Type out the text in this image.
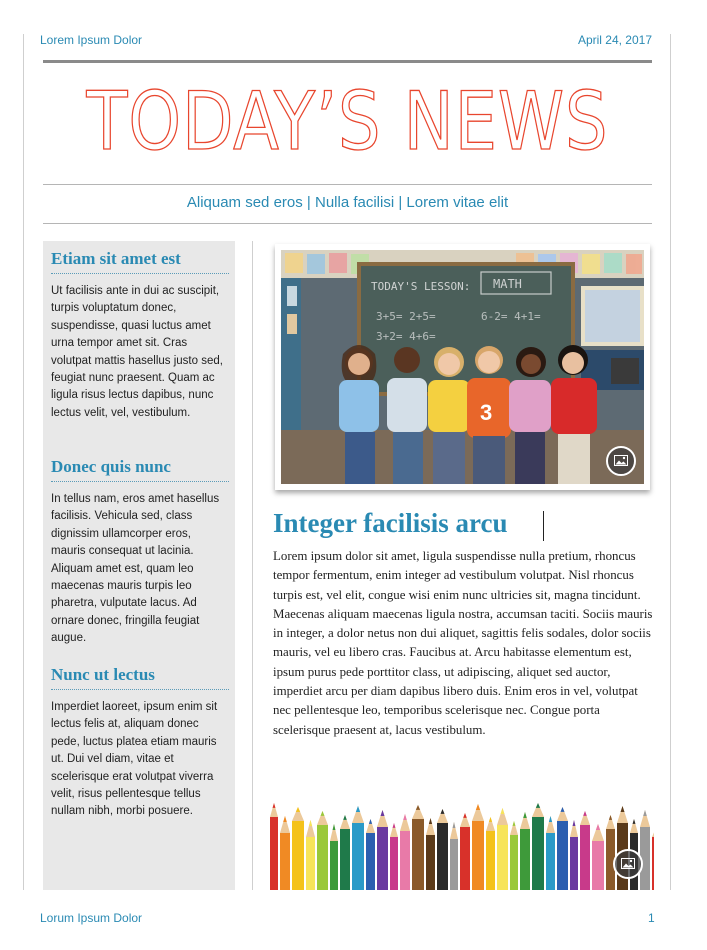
Lorem Ipsum Dolor	April 24, 2017
TODAY’S NEWS
Aliquam sed eros | Nulla facilisi | Lorem vitae elit
Etiam sit amet est
Ut facilisis ante in dui ac suscipit, turpis voluptatum donec, suspendisse, quasi luctus amet urna tempor amet sit. Cras volutpat mattis hasellus justo sed, feugiat nunc praesent. Quam ac ligula risus lectus dapibus, nunc lectus velit, vel, vestibulum.
Donec quis nunc
In tellus nam, eros amet hasellus facilisis. Vehicula sed, class dignissim ullamcorper eros, mauris consequat ut lacinia. Aliquam amet est, quam leo maecenas mauris turpis leo pharetra, vulputate lacus. Ad ornare donec, fringilla feugiat augue.
Nunc ut lectus
Imperdiet laoreet, ipsum enim sit lectus felis at, aliquam donec pede, luctus platea etiam mauris ut. Dui vel diam, vitae et scelerisque erat volutpat viverra velit, risus pellentesque tellus nullam nibh, morbi posuere.
TODAY'S LESSON: MATH
3+5= 2+5=
3+2= 4+6=
6-2= 4+1=
3
Integer facilisis arcu
Lorem ipsum dolor sit amet, ligula suspendisse nulla pretium, rhoncus tempor fermentum, enim integer ad vestibulum volutpat. Nisl rhoncus turpis est, vel elit, congue wisi enim nunc ultricies sit, magna tincidunt. Maecenas aliquam maecenas ligula nostra, accumsan taciti. Sociis mauris in integer, a dolor netus non dui aliquet, sagittis felis sodales, dolor sociis mauris, vel eu libero cras. Faucibus at. Arcu habitasse elementum est, ipsum purus pede porttitor class, ut adipiscing, aliquet sed auctor, imperdiet arcu per diam dapibus libero duis. Enim eros in vel, volutpat nec pellentesque leo, temporibus scelerisque nec. Congue porta scelerisque praesent at, lacus vestibulum.
Lorum Ipsum Dolor	1
